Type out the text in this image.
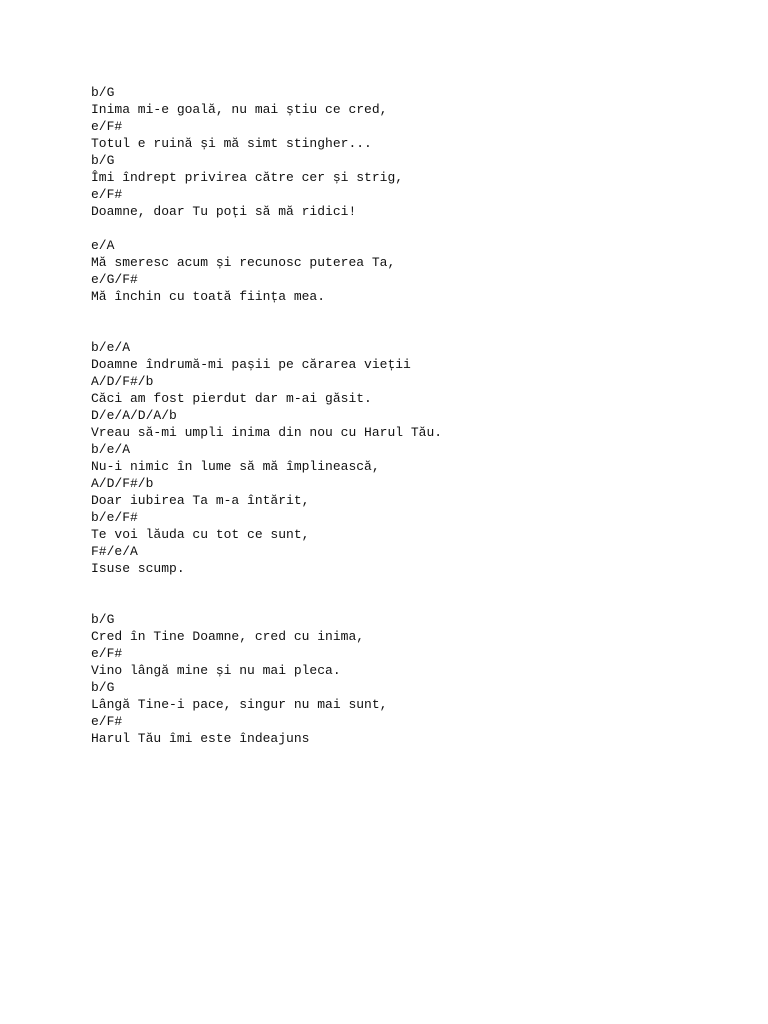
b/G
Inima mi-e goală, nu mai știu ce cred,
e/F#
Totul e ruină și mă simt stingher...
b/G
Îmi îndrept privirea către cer și strig,
e/F#
Doamne, doar Tu poți să mă ridici!
e/A
Mă smeresc acum și recunosc puterea Ta,
e/G/F#
Mă închin cu toată ființa mea.
b/e/A
Doamne îndrumă-mi pașii pe cărarea vieții
A/D/F#/b
Căci am fost pierdut dar m-ai găsit.
D/e/A/D/A/b
Vreau să-mi umpli inima din nou cu Harul Tău.
b/e/A
Nu-i nimic în lume să mă împlinească,
A/D/F#/b
Doar iubirea Ta m-a întărit,
b/e/F#
Te voi lăuda cu tot ce sunt,
F#/e/A
Isuse scump.
b/G
Cred în Tine Doamne, cred cu inima,
e/F#
Vino lângă mine și nu mai pleca.
b/G
Lângă Tine-i pace, singur nu mai sunt,
e/F#
Harul Tău îmi este îndeajuns
